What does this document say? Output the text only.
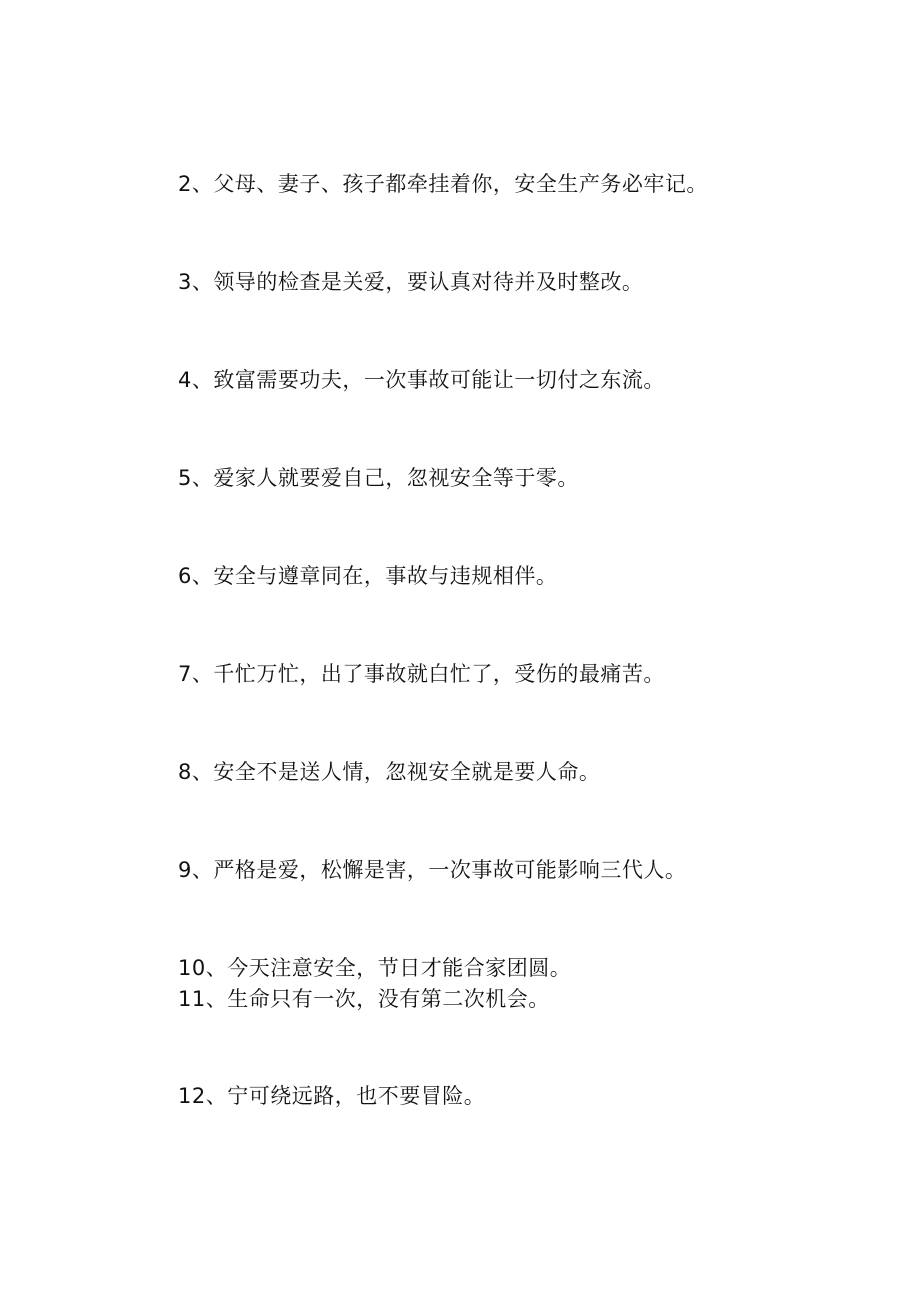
2、父母、妻子、孩子都牵挂着你，安全生产务必牢记。
3、领导的检查是关爱，要认真对待并及时整改。
4、致富需要功夫，一次事故可能让一切付之东流。
5、爱家人就要爱自己，忽视安全等于零。
6、安全与遵章同在，事故与违规相伴。
7、千忙万忙，出了事故就白忙了，受伤的最痛苦。
8、安全不是送人情，忽视安全就是要人命。
9、严格是爱，松懈是害，一次事故可能影响三代人。
10、今天注意安全，节日才能合家团圆。
11、生命只有一次，没有第二次机会。
12、宁可绕远路，也不要冒险。
